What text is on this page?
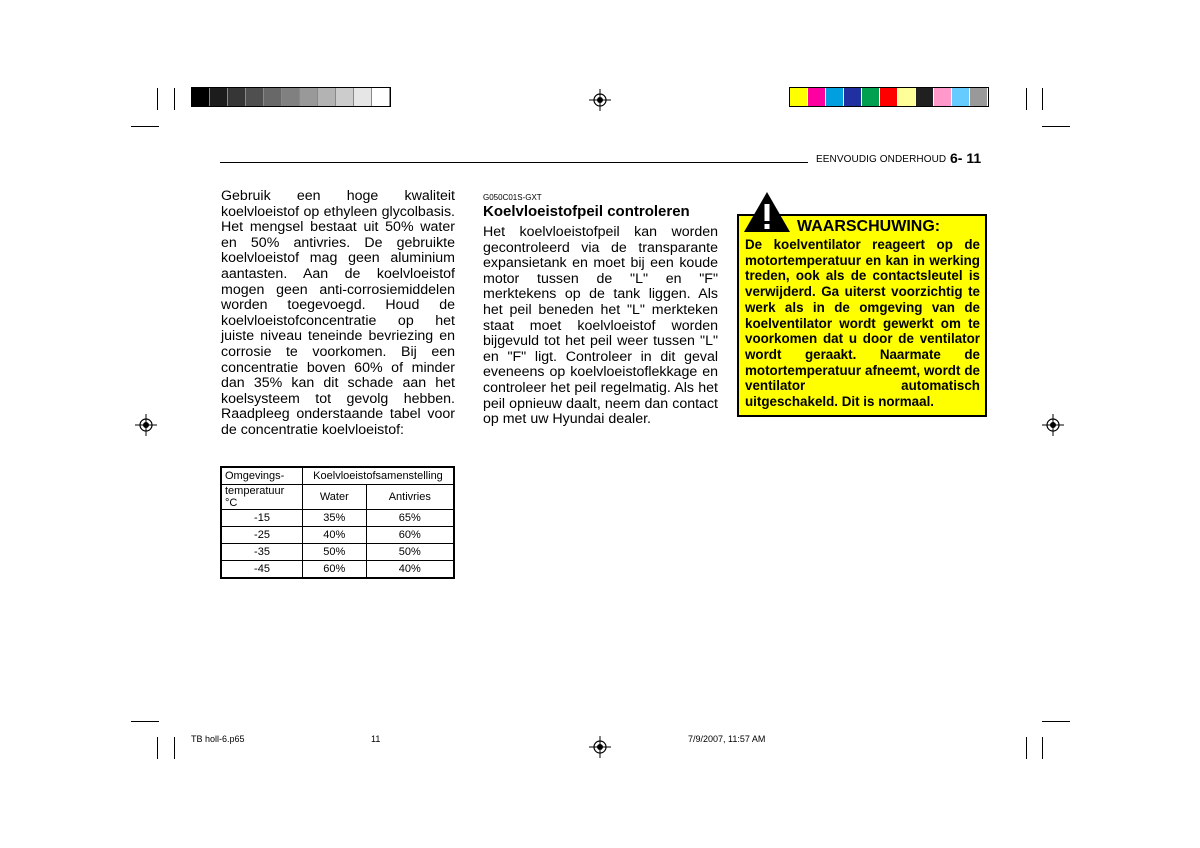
EENVOUDIG ONDERHOUD 6- 11
Gebruik een hoge kwaliteit koelvloeistof op ethyleen glycolbasis. Het mengsel bestaat uit 50% water en 50% antivries. De gebruikte koelvloeistof mag geen aluminium aantasten. Aan de koelvloeistof mogen geen anti-corrosiemiddelen worden toegevoegd. Houd de koelvloeistofconcentratie op het juiste niveau teneinde bevriezing en corrosie te voorkomen. Bij een concentratie boven 60% of minder dan 35% kan dit schade aan het koelsysteem tot gevolg hebben. Raadpleeg onderstaande tabel voor de concentratie koelvloeistof:
Omgevings-	Koelvloeistofsamenstelling	
temperatuur °C	Water	Antivries
-15	35%	65%
-25	40%	60%
-35	50%	50%
-45	60%	40%
G050C01S-GXT
Koelvloeistofpeil controleren
Het koelvloeistofpeil kan worden gecontroleerd via de transparante expansietank en moet bij een koude motor tussen de "L" en "F" merktekens op de tank liggen. Als het peil beneden het "L" merkteken staat moet koelvloeistof worden bijgevuld tot het peil weer tussen "L" en "F" ligt. Controleer in dit geval eveneens op koelvloeistoflekkage en controleer het peil regelmatig. Als het peil opnieuw daalt, neem dan contact op met uw Hyundai dealer.
WAARSCHUWING:
De koelventilator reageert op de motortemperatuur en kan in werking treden, ook als de contactsleutel is verwijderd. Ga uiterst voorzichtig te werk als in de omgeving van de koelventilator wordt gewerkt om te voorkomen dat u door de ventilator wordt geraakt. Naarmate de motortemperatuur afneemt, wordt de ventilator automatisch uitgeschakeld. Dit is normaal.
TB holl-6.p65	11	7/9/2007, 11:57 AM
